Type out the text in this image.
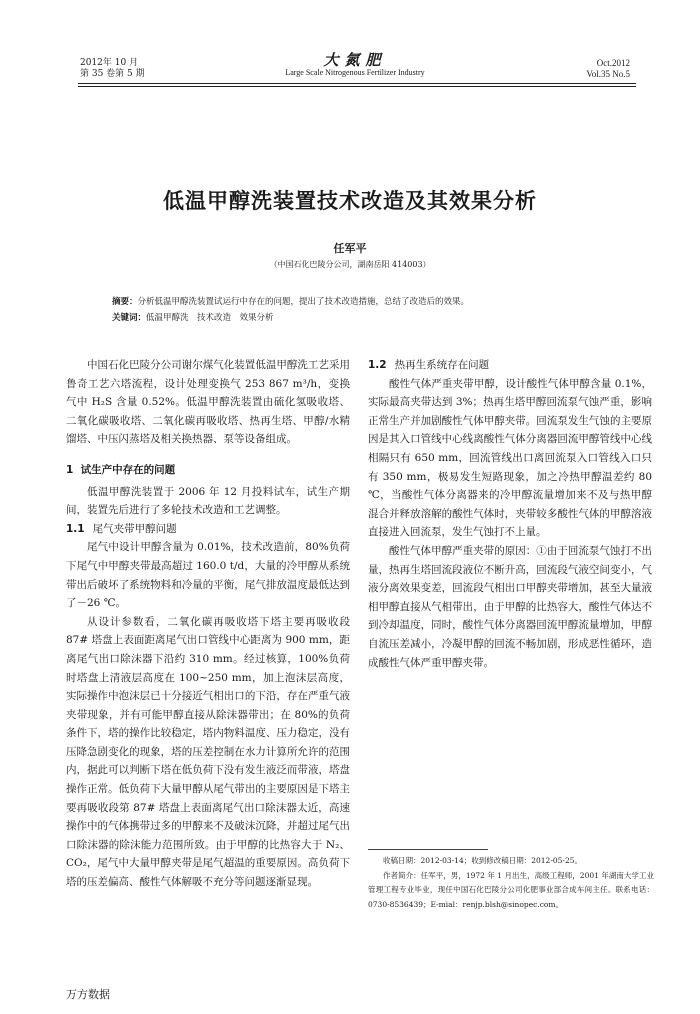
2012年 10 月
第 35 卷第 5 期
大氮肥
Large Scale Nitrogenous Fertilizer Industry
Oct.2012
Vol.35 No.5
低温甲醇洗装置技术改造及其效果分析
任军平
（中国石化巴陵分公司，湖南岳阳 414003）
摘要：分析低温甲醇洗装置试运行中存在的问题，提出了技术改造措施，总结了改造后的效果。
关键词：低温甲醇洗　技术改造　效果分析

中国石化巴陵分公司谢尔煤气化装置低温甲醇洗工艺采用鲁奇工艺六塔流程，设计处理变换气 253 867 m³/h，变换气中 H₂S 含量 0.52%。低温甲醇洗装置由硫化氢吸收塔、二氧化碳吸收塔、二氧化碳再吸收塔、热再生塔、甲醇/水精馏塔、中压闪蒸塔及相关换热器、泵等设备组成。

1 试生产中存在的问题

低温甲醇洗装置于 2006 年 12 月投料试车，试生产期间，装置先后进行了多轮技术改造和工艺调整。

1.1 尾气夹带甲醇问题

尾气中设计甲醇含量为 0.01%，技术改造前，80%负荷下尾气中甲醇夹带最高超过 160.0 t/d，大量的冷甲醇从系统带出后破坏了系统物料和冷量的平衡，尾气排放温度最低达到了－26 ℃。

从设计参数看，二氧化碳再吸收塔下塔主要再吸收段 87# 塔盘上表面距离尾气出口管线中心距离为 900 mm，距离尾气出口除沫器下沿约 310 mm。经过核算，100%负荷时塔盘上清液层高度在 100~250 mm，加上泡沫层高度，实际操作中泡沫层已十分接近气相出口的下沿，存在严重气液夹带现象，并有可能甲醇直接从除沫器带出；在 80%的负荷条件下，塔的操作比较稳定，塔内物料温度、压力稳定，没有压降急剧变化的现象，塔的压差控制在水力计算所允许的范围内，据此可以判断下塔在低负荷下没有发生液泛而带液，塔盘操作正常。低负荷下大量甲醇从尾气带出的主要原因是下塔主要再吸收段第 87# 塔盘上表面离尾气出口除沫器太近，高速操作中的气体携带过多的甲醇来不及破沫沉降，并超过尾气出口除沫器的除沫能力范围所致。由于甲醇的比热容大于 N₂、CO₂，尾气中大量甲醇夹带是尾气超温的重要原因。高负荷下塔的压差偏高、酸性气体解吸不充分等问题逐渐显现。

1.2 热再生系统存在问题

酸性气体严重夹带甲醇，设计酸性气体甲醇含量 0.1%，实际最高夹带达到 3%；热再生塔甲醇回流泵气蚀严重，影响正常生产并加剧酸性气体甲醇夹带。回流泵发生气蚀的主要原因是其入口管线中心线离酸性气体分离器回流甲醇管线中心线相隔只有 650 mm，回流管线出口离回流泵入口管线入口只有 350 mm，极易发生短路现象，加之冷热甲醇温差约 80 ℃，当酸性气体分离器来的冷甲醇流量增加来不及与热甲醇混合并释放溶解的酸性气体时，夹带较多酸性气体的甲醇溶液直接进入回流泵，发生气蚀打不上量。

酸性气体甲醇严重夹带的原因：①由于回流泵气蚀打不出量，热再生塔回流段液位不断升高，回流段气液空间变小，气液分离效果变差，回流段气相出口甲醇夹带增加，甚至大量液相甲醇直接从气相带出，由于甲醇的比热容大，酸性气体达不到冷却温度，同时，酸性气体分离器回流甲醇流量增加，甲醇自流压差减小，冷凝甲醇的回流不畅加剧，形成恶性循环，造成酸性气体严重甲醇夹带。

收稿日期：2012-03-14；收到修改稿日期：2012-05-25。

作者简介：任军平，男，1972 年 1 月出生，高级工程师，2001 年湖南大学工业管理工程专业毕业，现任中国石化巴陵分公司化肥事业部合成车间主任。联系电话：0730-8536439；E-mial：renjp.blsh@sinopec.com。

万方数据
